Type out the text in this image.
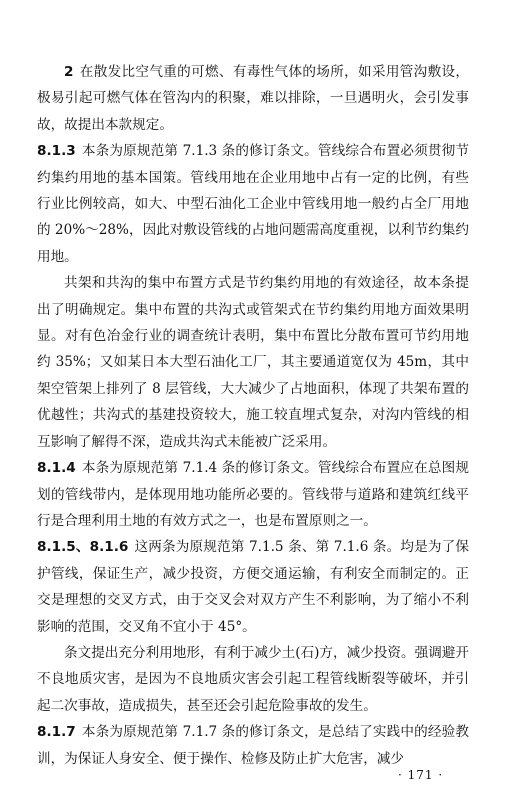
2 在散发比空气重的可燃、有毒性气体的场所，如采用管沟敷设，极易引起可燃气体在管沟内的积聚，难以排除，一旦遇明火，会引发事故，故提出本款规定。

8.1.3 本条为原规范第 7.1.3 条的修订条文。管线综合布置必须贯彻节约集约用地的基本国策。管线用地在企业用地中占有一定的比例，有些行业比例较高，如大、中型石油化工企业中管线用地一般约占全厂用地的 20%～28%，因此对敷设管线的占地问题需高度重视，以利节约集约用地。

共架和共沟的集中布置方式是节约集约用地的有效途径，故本条提出了明确规定。集中布置的共沟式或管架式在节约集约用地方面效果明显。对有色冶金行业的调查统计表明，集中布置比分散布置可节约用地约 35%；又如某日本大型石油化工厂，其主要通道宽仅为 45m，其中架空管架上排列了 8 层管线，大大减少了占地面积，体现了共架布置的优越性；共沟式的基建投资较大，施工较直埋式复杂，对沟内管线的相互影响了解得不深，造成共沟式未能被广泛采用。

8.1.4 本条为原规范第 7.1.4 条的修订条文。管线综合布置应在总图规划的管线带内，是体现用地功能所必要的。管线带与道路和建筑红线平行是合理利用土地的有效方式之一，也是布置原则之一。

8.1.5、8.1.6 这两条为原规范第 7.1.5 条、第 7.1.6 条。均是为了保护管线，保证生产，减少投资，方便交通运输，有利安全而制定的。正交是理想的交叉方式，由于交叉会对双方产生不利影响，为了缩小不利影响的范围，交叉角不宜小于 45°。

条文提出充分利用地形，有利于减少土(石)方，减少投资。强调避开不良地质灾害，是因为不良地质灾害会引起工程管线断裂等破坏，并引起二次事故，造成损失，甚至还会引起危险事故的发生。

8.1.7 本条为原规范第 7.1.7 条的修订条文，是总结了实践中的经验教训，为保证人身安全、便于操作、检修及防止扩大危害，减少

· 171 ·
